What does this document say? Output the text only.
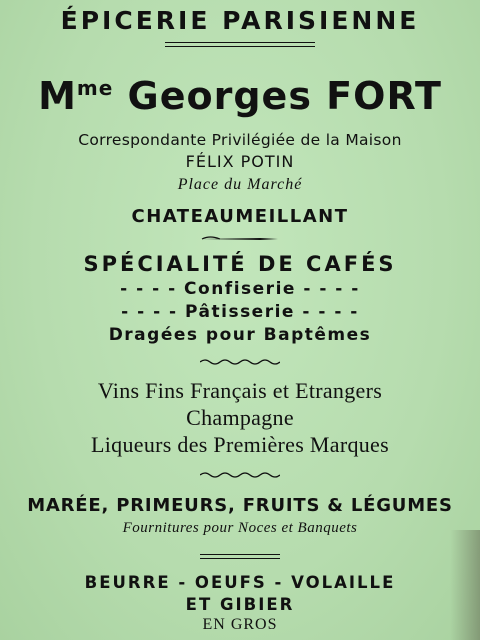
ÉPICERIE PARISIENNE
$M^{me}$ Georges FORT
Correspondante Privilégiée de la Maison
FÉLIX POTIN
Place du Marché
CHATEAUMEILLANT
SPÉCIALITÉ DE CAFÉS
- - - - Confiserie - - - -
- - - - Pâtisserie - - - -
Dragées pour Baptêmes
Vins Fins Français et Etrangers
Champagne
Liqueurs des Premières Marques
MARÉE, PRIMEURS, FRUITS & LÉGUMES
Fournitures pour Noces et Banquets
BEURRE - OEUFS - VOLAILLE
ET GIBIER
EN GROS
